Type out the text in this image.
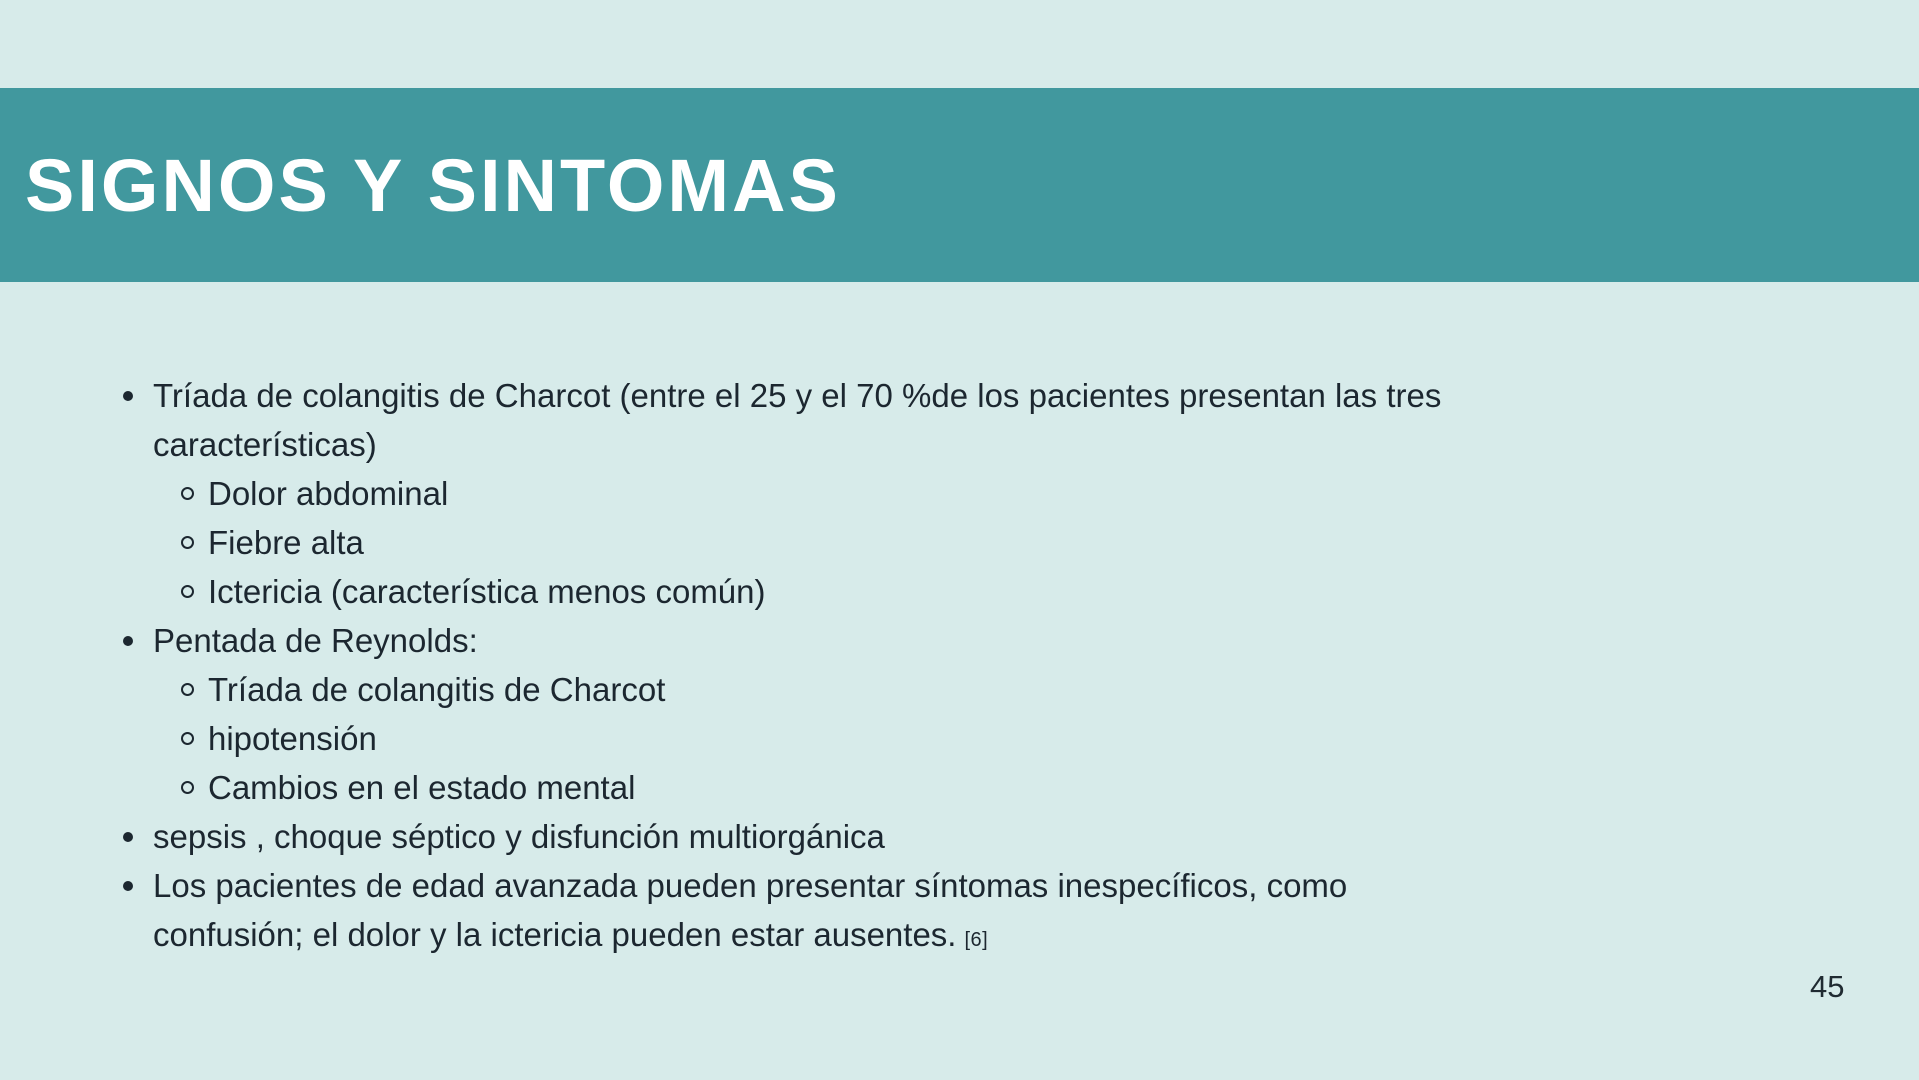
SIGNOS Y SINTOMAS
Tríada de colangitis de Charcot (entre el 25 y el 70 %de los pacientes presentan las tres características)
Dolor abdominal
Fiebre alta
Ictericia (característica menos común)
Pentada de Reynolds:
Tríada de colangitis de Charcot
hipotensión
Cambios en el estado mental
sepsis , choque séptico y disfunción multiorgánica
Los pacientes de edad avanzada pueden presentar síntomas inespecíficos, como confusión; el dolor y la ictericia pueden estar ausentes. [6]
45
